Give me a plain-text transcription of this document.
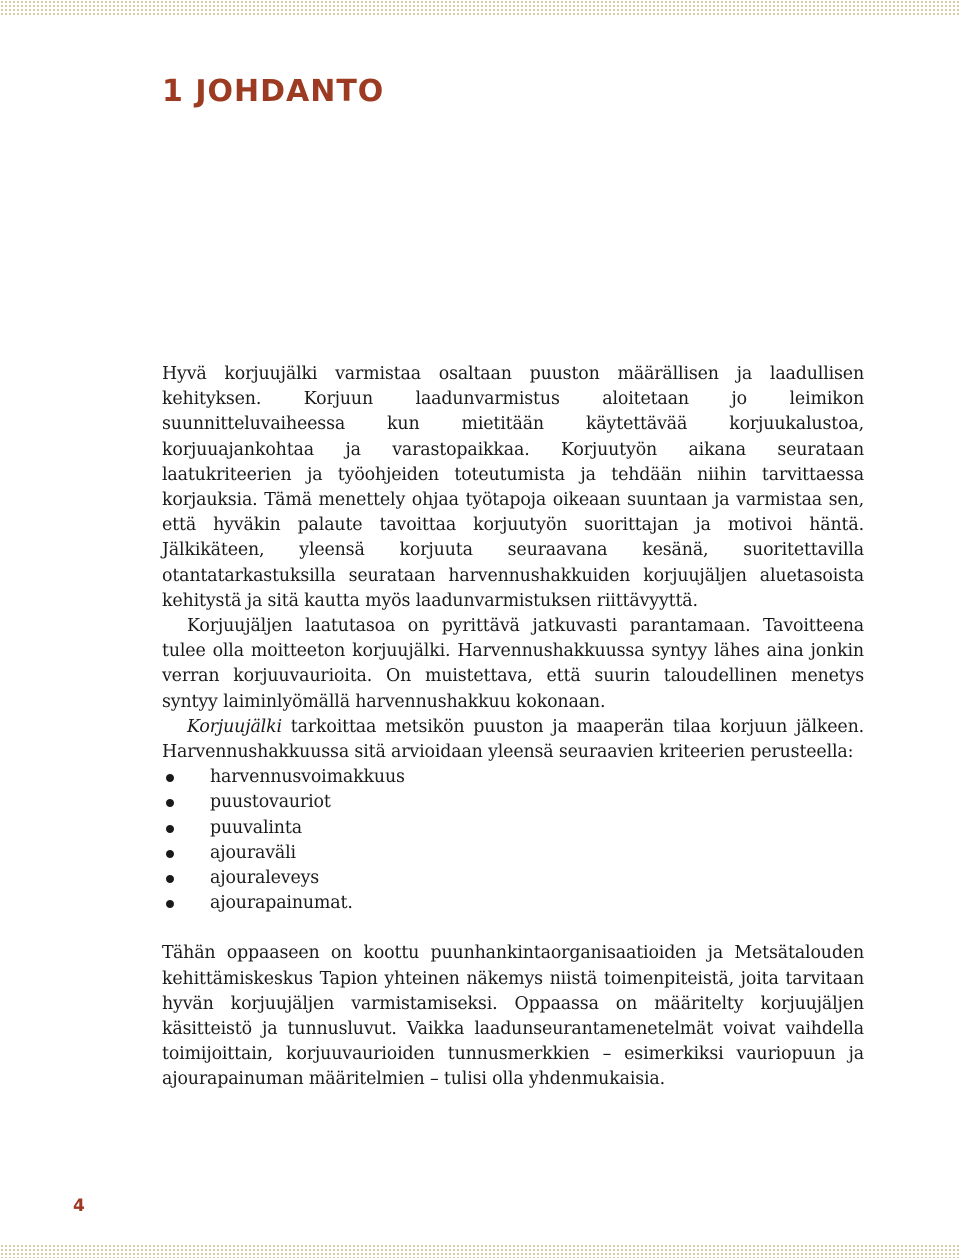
1 JOHDANTO

Hyvä korjuujälki varmistaa osaltaan puuston määrällisen ja laadullisen kehityksen. Korjuun laadunvarmistus aloitetaan jo leimikon suunnitteluvaiheessa kun mietitään käytettävää korjuukalustoa, korjuuajankohtaa ja varastopaikkaa. Korjuutyön aikana seurataan laatukriteerien ja työohjeiden toteutumista ja tehdään niihin tarvittaessa korjauksia. Tämä menettely ohjaa työtapoja oikeaan suuntaan ja varmistaa sen, että hyväkin palaute tavoittaa korjuutyön suorittajan ja motivoi häntä. Jälkikäteen, yleensä korjuuta seuraavana kesänä, suoritettavilla otantatarkastuksilla seurataan harvennushakkuiden korjuujäljen aluetasoista kehitystä ja sitä kautta myös laadunvarmistuksen riittävyyttä.

Korjuujäljen laatutasoa on pyrittävä jatkuvasti parantamaan. Tavoitteena tulee olla moitteeton korjuujälki. Harvennushakkuussa syntyy lähes aina jonkin verran korjuuvaurioita. On muistettava, että suurin taloudellinen menetys syntyy laiminlyömällä harvennushakkuu kokonaan.

Korjuujälki tarkoittaa metsikön puuston ja maaperän tilaa korjuun jälkeen. Harvennushakkuussa sitä arvioidaan yleensä seuraavien kriteerien perusteella:

harvennusvoimakkuus
puustovauriot
puuvalinta
ajouraväli
ajouraleveys
ajourapainumat.

Tähän oppaaseen on koottu puunhankintaorganisaatioiden ja Metsätalouden kehittämiskeskus Tapion yhteinen näkemys niistä toimenpiteistä, joita tarvitaan hyvän korjuujäljen varmistamiseksi. Oppaassa on määritelty korjuujäljen käsitteistö ja tunnusluvut. Vaikka laadunseurantamenetelmät voivat vaihdella toimijoittain, korjuuvaurioiden tunnusmerkkien – esimerkiksi vauriopuun ja ajourapainuman määritelmien – tulisi olla yhdenmukaisia.

4
